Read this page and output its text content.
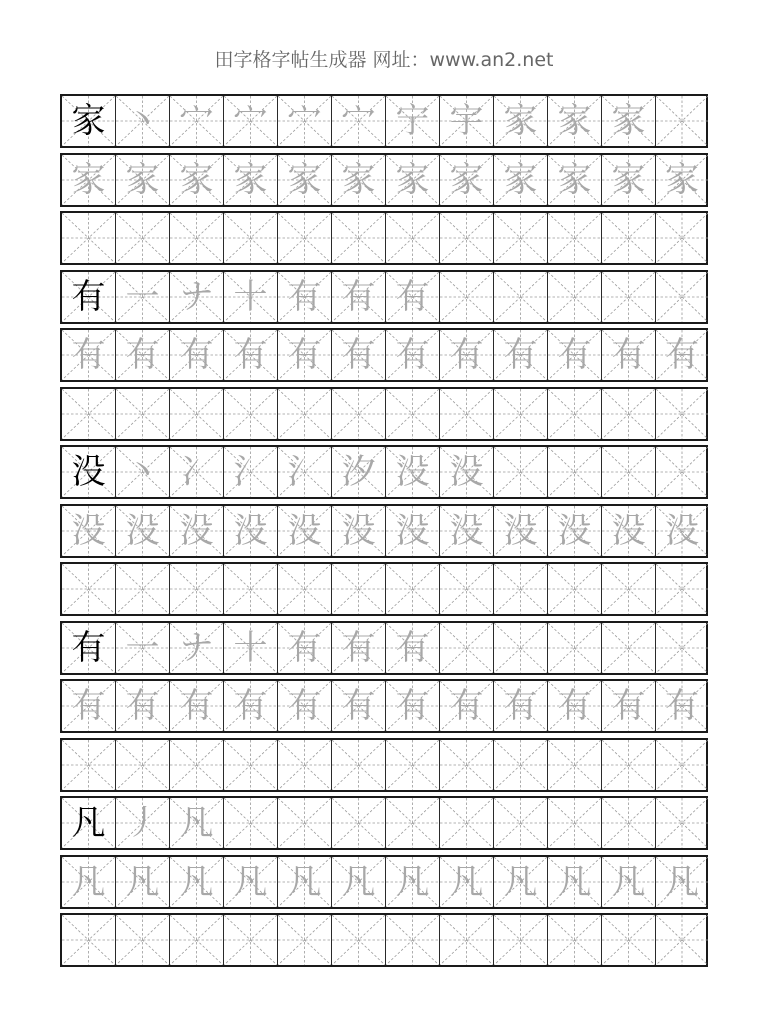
田字格字帖生成器 网址：www.an2.net
家 丶 宀 宀 宀 宀 宁 宇 家 家 家
家 家 家 家 家 家 家 家 家 家 家 家
有 一 ナ 十 有 有 有
有 有 有 有 有 有 有 有 有 有 有 有
没 丶 冫 氵 氵 汐 没 没
没 没 没 没 没 没 没 没 没 没 没 没
有 一 ナ 十 有 有 有
有 有 有 有 有 有 有 有 有 有 有 有
凡 丿 凡
凡 凡 凡 凡 凡 凡 凡 凡 凡 凡 凡 凡
